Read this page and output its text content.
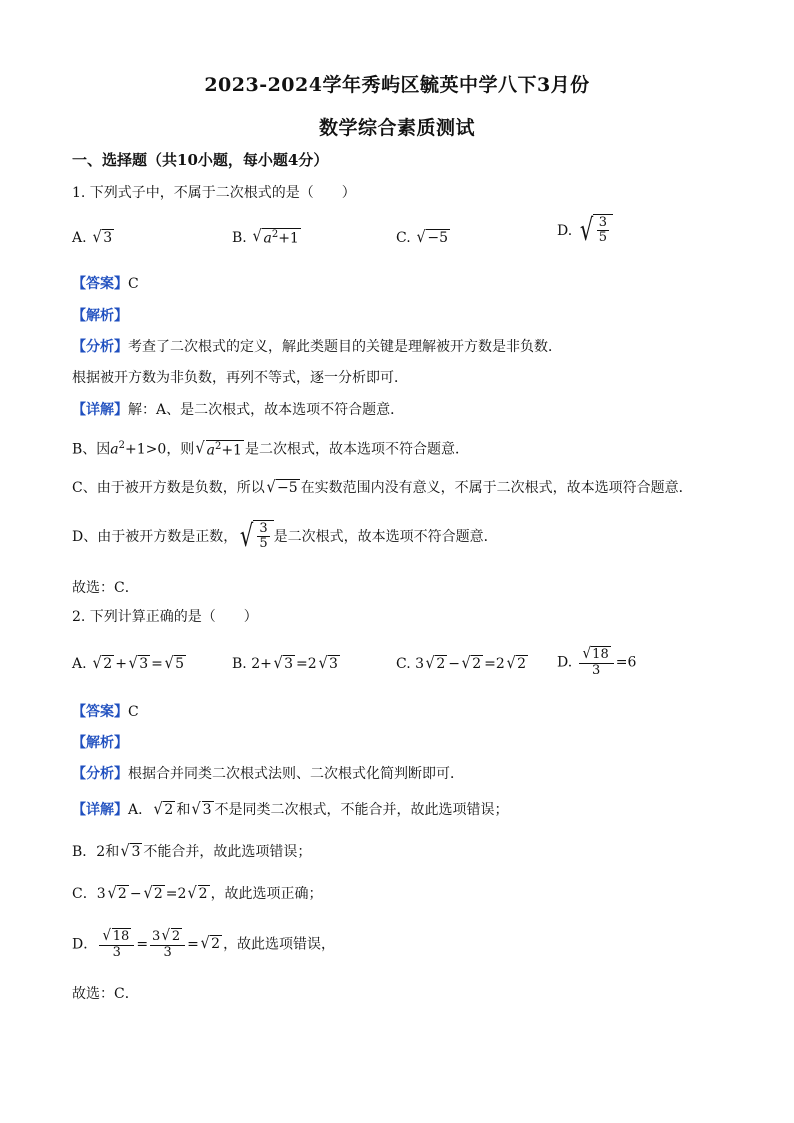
2023-2024学年秀屿区毓英中学八下3月份
数学综合素质测试
一、选择题（共10小题，每小题4分）
1. 下列式子中，不属于二次根式的是（　　）
A. √ 3	B. √ $a^2+1$	C. √ −5	D. √ $\frac{3}{5}$
【答案】C
【解析】
【分析】考查了二次根式的定义，解此类题目的关键是理解被开方数是非负数．
根据被开方数为非负数，再列不等式，逐一分析即可．
【详解】解：A、是二次根式，故本选项不符合题意．
B、因$a^2+1>0$，则 √ $a^2+1$ 是二次根式，故本选项不符合题意．
C、由于被开方数是负数，所以 √ −5 在实数范围内没有意义，不属于二次根式，故本选项符合题意．
D、由于被开方数是正数， √ $\frac{3}{5}$ 是二次根式，故本选项不符合题意．
故选：C．
2. 下列计算正确的是（　　）
A. √ 2 + √ 3 = √ 5	B. 2+ √ 3 =2 √ 3	C. 3 √ 2 − √ 2 =2 √ 2 D. $\frac{√ 18}{3} =6$
【答案】C
【解析】
【分析】根据合并同类二次根式法则、二次根式化简判断即可．
【详解】A． √ 2 和 √ 3 不是同类二次根式，不能合并，故此选项错误；
B．2和 √ 3 不能合并，故此选项错误；
C．3 √ 2 − √ 2 =2 √ 2 ，故此选项正确；
D． $\frac{√ 18}{3} = \frac{3 √ 2}{3}$ = √ 2 ，故此选项错误，
故选：C．
